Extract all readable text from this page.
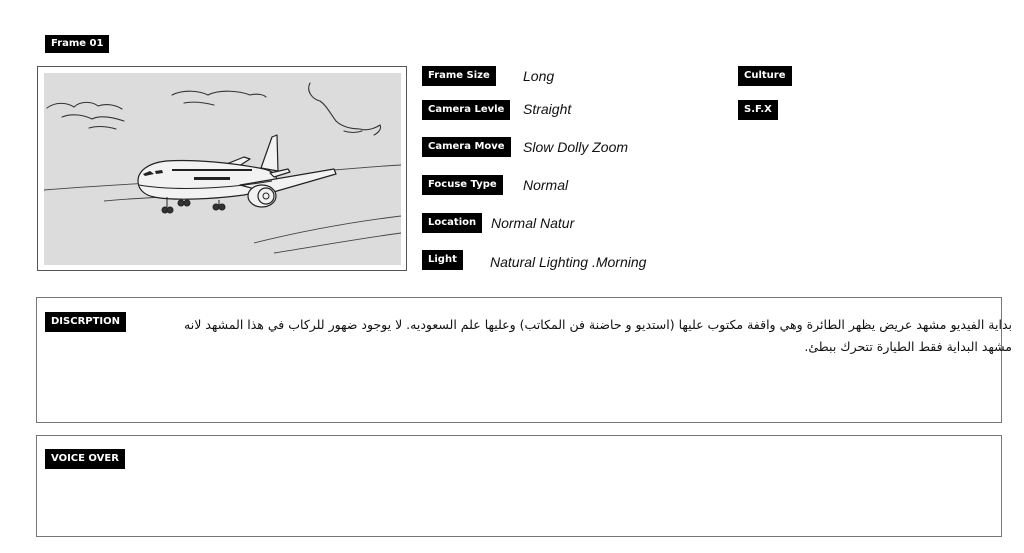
Frame 01
Frame Size	Long
Camera Levle	Straight
Camera Move	Slow Dolly Zoom
Focuse Type	Normal
Location	Normal Natur
Light	Natural Lighting .Morning
Culture
S.F.X
DISCRPTION	بداية الفيديو مشهد عريض يظهر الطائرة وهي واقفة مكتوب عليها (استديو و حاضنة فن المكاتب) وعليها علم السعوديه. لا يوجود ضهور للركاب في هذا المشهد لانه مشهد البداية فقط الطيارة تتحرك ببطئ.
VOICE OVER
